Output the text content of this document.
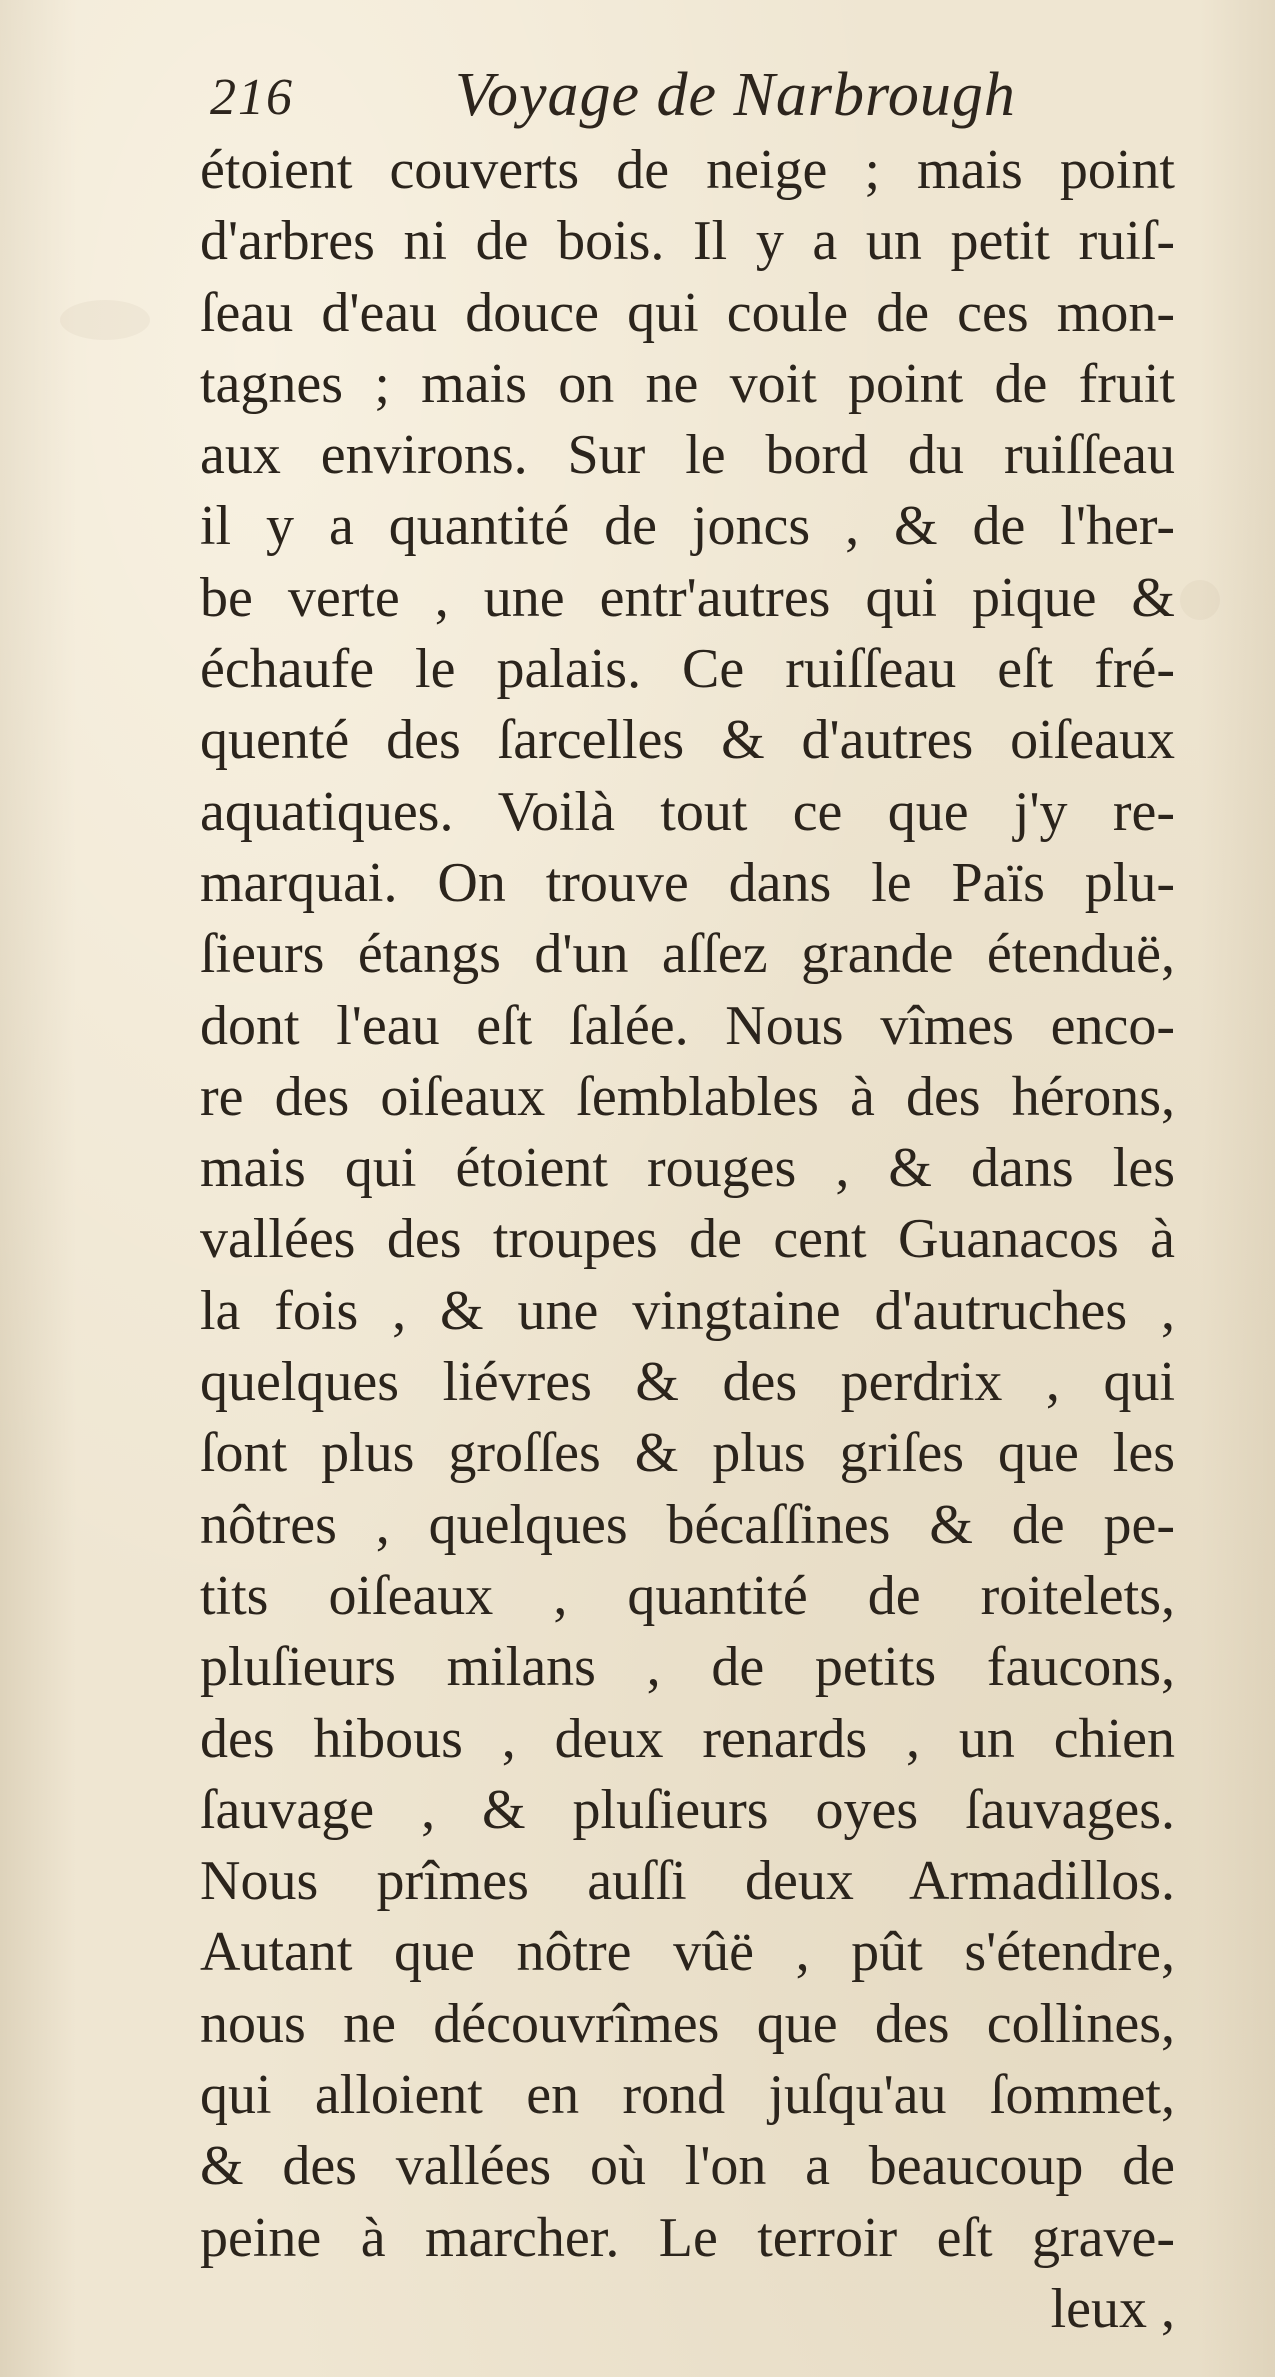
216	Voyage de Narbrough
étoient couverts de neige ; mais point
d'arbres ni de bois. Il y a un petit ruiſ-
ſeau d'eau douce qui coule de ces mon-
tagnes ; mais on ne voit point de fruit
aux environs. Sur le bord du ruiſſeau
il y a quantité de joncs , & de l'her-
be verte , une entr'autres qui pique &
échaufe le palais. Ce ruiſſeau eſt fré-
quenté des ſarcelles & d'autres oiſeaux
aquatiques. Voilà tout ce que j'y re-
marquai. On trouve dans le Païs plu-
ſieurs étangs d'un aſſez grande étenduë,
dont l'eau eſt ſalée. Nous vîmes enco-
re des oiſeaux ſemblables à des hérons,
mais qui étoient rouges , & dans les
vallées des troupes de cent Guanacos à
la fois , & une vingtaine d'autruches ,
quelques liévres & des perdrix , qui
ſont plus groſſes & plus griſes que les
nôtres , quelques bécaſſines & de pe-
tits oiſeaux , quantité de roitelets,
pluſieurs milans , de petits faucons,
des hibous , deux renards , un chien
ſauvage , & pluſieurs oyes ſauvages.
Nous prîmes auſſi deux Armadillos.
Autant que nôtre vûë , pût s'étendre,
nous ne découvrîmes que des collines,
qui alloient en rond juſqu'au ſommet,
& des vallées où l'on a beaucoup de
peine à marcher. Le terroir eſt grave-
leux ,
